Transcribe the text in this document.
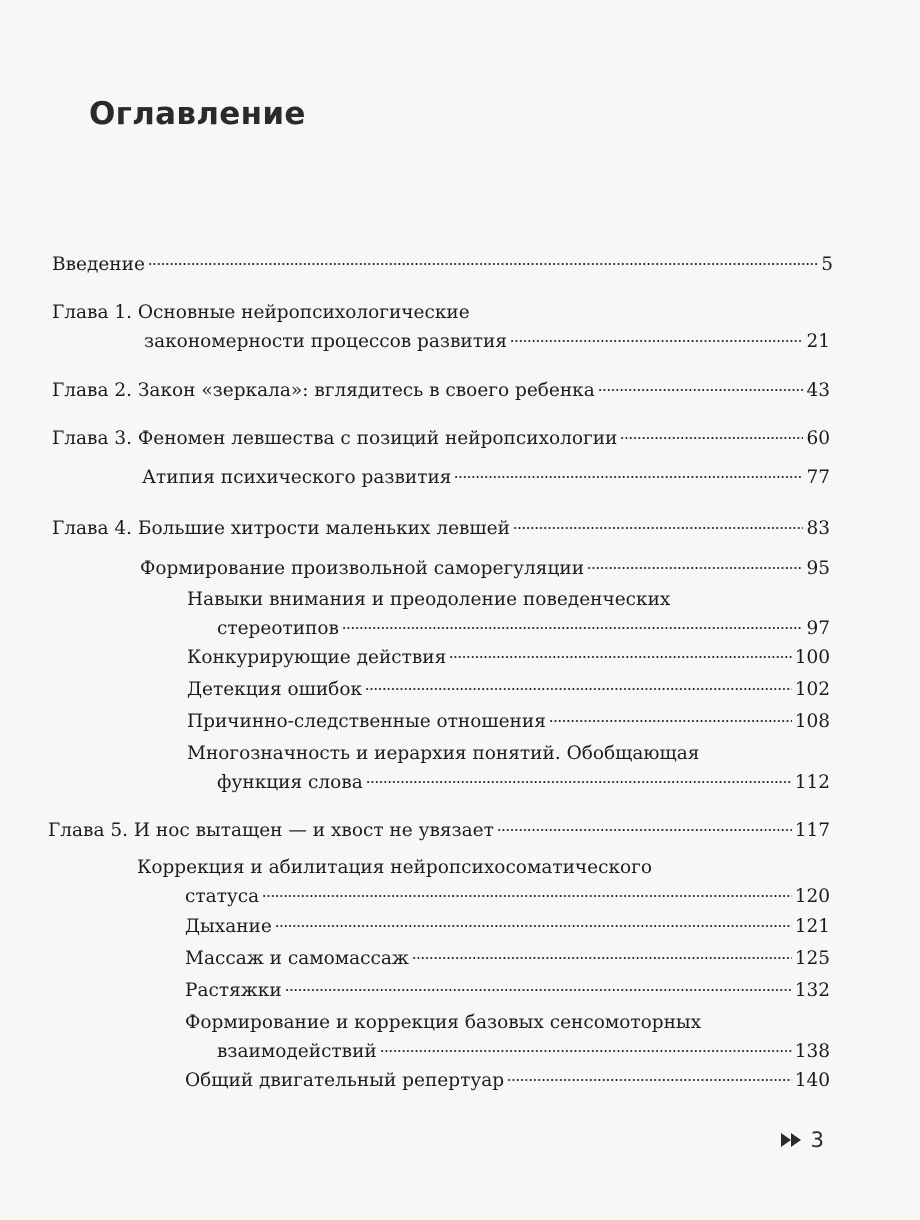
Оглавление
Введение	5
Глава 1. Основные нейропсихологические
закономерности процессов развития	21
Глава 2. Закон «зеркала»: вглядитесь в своего ребенка	43
Глава 3. Феномен левшества с позиций нейропсихологии	60
Атипия психического развития	77
Глава 4. Большие хитрости маленьких левшей	83
Формирование произвольной саморегуляции	95
Навыки внимания и преодоление поведенческих
стереотипов	97
Конкурирующие действия	100
Детекция ошибок	102
Причинно-следственные отношения	108
Многозначность и иерархия понятий. Обобщающая
функция слова	112
Глава 5. И нос вытащен — и хвост не увязает	117
Коррекция и абилитация нейропсихосоматического
статуса	120
Дыхание	121
Массаж и самомассаж	125
Растяжки	132
Формирование и коррекция базовых сенсомоторных
взаимодействий	138
Общий двигательный репертуар	140
3
